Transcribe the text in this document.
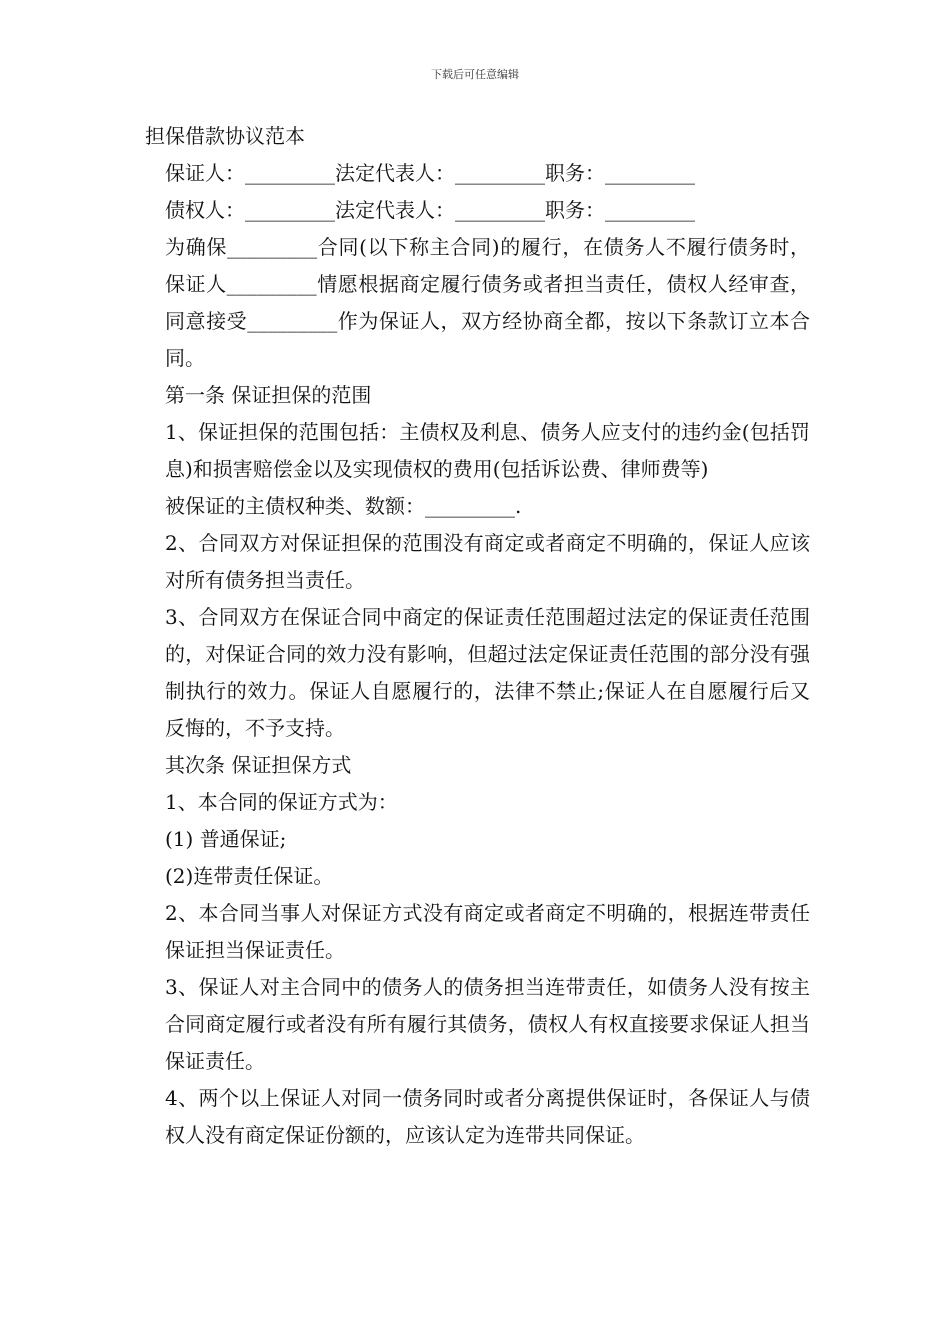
下载后可任意编辑

担保借款协议范本

保证人：_________法定代表人：_________职务：_________

债权人：_________法定代表人：_________职务：_________

为确保_________合同(以下称主合同)的履行，在债务人不履行债务时，保证人_________情愿根据商定履行债务或者担当责任，债权人经审查，同意接受_________作为保证人，双方经协商全都，按以下条款订立本合同。

第一条 保证担保的范围

1、保证担保的范围包括：主债权及利息、债务人应支付的违约金(包括罚息)和损害赔偿金以及实现债权的费用(包括诉讼费、律师费等)

被保证的主债权种类、数额：_________.

2、合同双方对保证担保的范围没有商定或者商定不明确的，保证人应该对所有债务担当责任。

3、合同双方在保证合同中商定的保证责任范围超过法定的保证责任范围的，对保证合同的效力没有影响，但超过法定保证责任范围的部分没有强制执行的效力。保证人自愿履行的，法律不禁止;保证人在自愿履行后又反悔的，不予支持。

其次条 保证担保方式

1、本合同的保证方式为：

(1) 普通保证;

(2)连带责任保证。

2、本合同当事人对保证方式没有商定或者商定不明确的，根据连带责任保证担当保证责任。

3、保证人对主合同中的债务人的债务担当连带责任，如债务人没有按主合同商定履行或者没有所有履行其债务，债权人有权直接要求保证人担当保证责任。

4、两个以上保证人对同一债务同时或者分离提供保证时，各保证人与债权人没有商定保证份额的，应该认定为连带共同保证。
